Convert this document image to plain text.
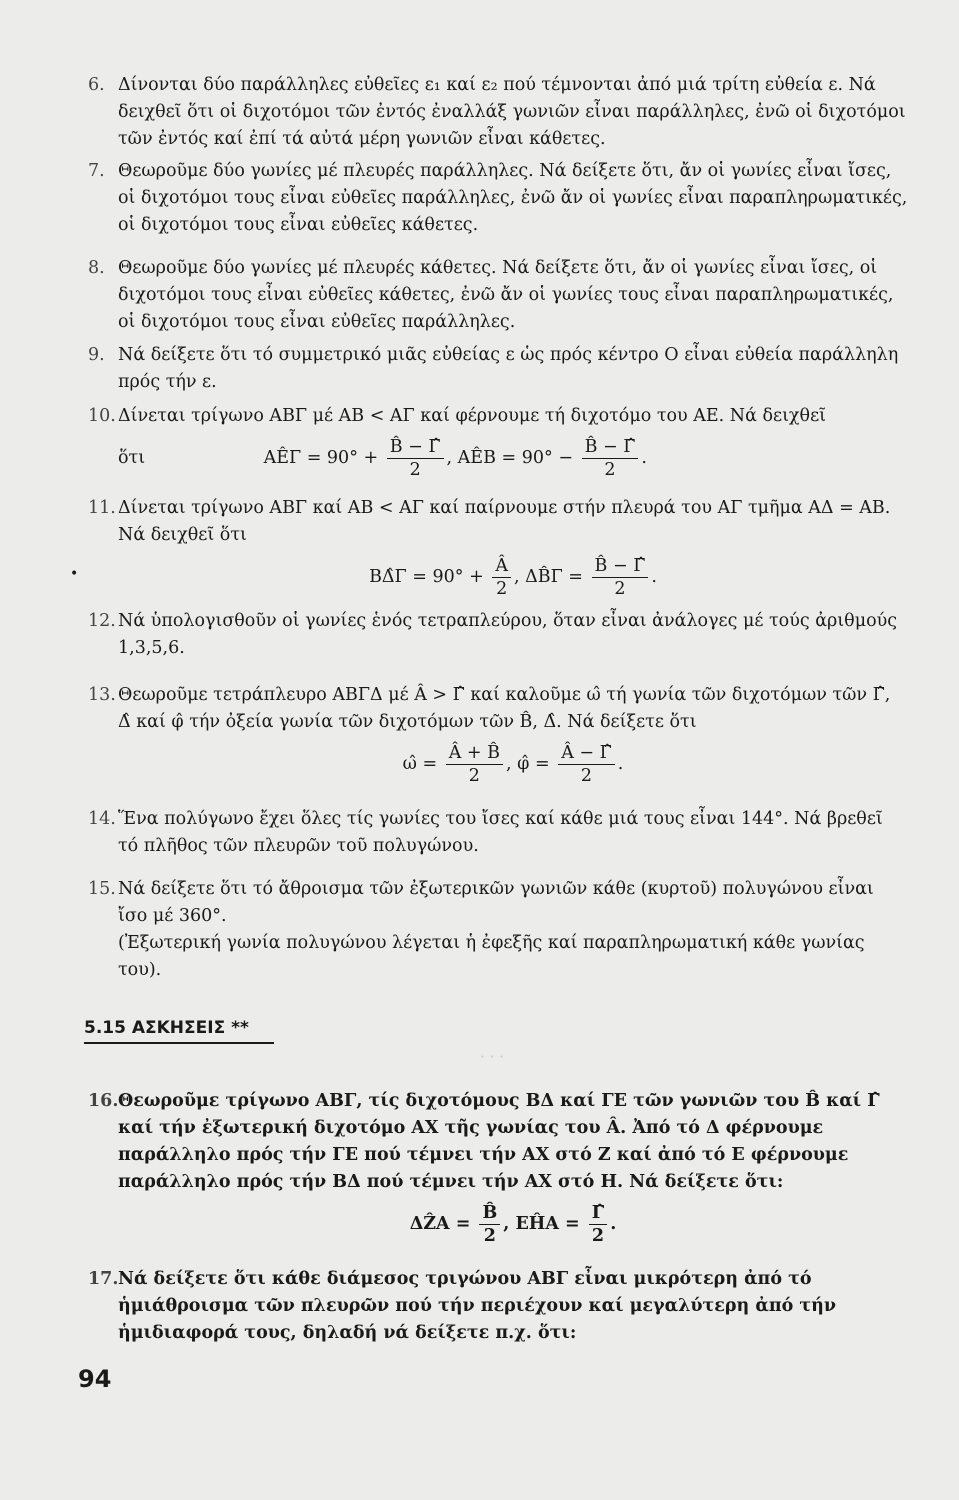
· · ·
6. Δίνονται δύο παράλληλες εὐθεῖες ε₁ καί ε₂ πού τέμνονται ἀπό μιά τρίτη εὐθεία ε. Νά δειχθεῖ ὅτι οἱ διχοτόμοι τῶν ἐντός ἐναλλάξ γωνιῶν εἶναι παράλληλες, ἐνῶ οἱ διχοτόμοι τῶν ἐντός καί ἐπί τά αὐτά μέρη γωνιῶν εἶναι κάθετες.
7. Θεωροῦμε δύο γωνίες μέ πλευρές παράλληλες. Νά δείξετε ὅτι, ἄν οἱ γωνίες εἶναι ἴσες, οἱ διχοτόμοι τους εἶναι εὐθεῖες παράλληλες, ἐνῶ ἄν οἱ γωνίες εἶναι παραπληρωματικές, οἱ διχοτόμοι τους εἶναι εὐθεῖες κάθετες.
8. Θεωροῦμε δύο γωνίες μέ πλευρές κάθετες. Νά δείξετε ὅτι, ἄν οἱ γωνίες εἶναι ἴσες, οἱ διχοτόμοι τους εἶναι εὐθεῖες κάθετες, ἐνῶ ἄν οἱ γωνίες τους εἶναι παραπληρωματικές, οἱ διχοτόμοι τους εἶναι εὐθεῖες παράλληλες.
9. Νά δείξετε ὅτι τό συμμετρικό μιᾶς εὐθείας ε ὡς πρός κέντρο Ο εἶναι εὐθεία παράλληλη πρός τήν ε.
10. Δίνεται τρίγωνο ΑΒΓ μέ ΑΒ < ΑΓ καί φέρνουμε τή διχοτόμο του ΑΕ. Νά δειχθεῖ
ὅτι	ΑÊΓ = $90^\circ + \frac{B̂ - \Gammâ}{2}$ , ΑÊΒ = $90^\circ - \frac{B̂ - \Gammâ}{2}$ .
11. Δίνεται τρίγωνο ΑΒΓ καί ΑΒ < ΑΓ καί παίρνουμε στήν πλευρά του ΑΓ τμῆμα ΑΔ = ΑΒ. Νά δειχθεῖ ὅτι
ΒΔ̂Γ = $90^\circ + \frac{Â}{2}$ , ΔB̂Γ = $\frac{B̂ - \Gammâ}{2}$ .
•
12. Νά ὑπολογισθοῦν οἱ γωνίες ἑνός τετραπλεύρου, ὅταν εἶναι ἀνάλογες μέ τούς ἀριθμούς 1,3,5,6.
13. Θεωροῦμε τετράπλευρο ΑΒΓΔ μέ Â > Γ̂ καί καλοῦμε ω̂ τή γωνία τῶν διχοτόμων τῶν Γ̂, Δ̂ καί φ̂ τήν ὀξεία γωνία τῶν διχοτόμων τῶν B̂, Δ̂. Νά δείξετε ὅτι
ω̂ = $\frac{Â + B̂}{2}$ , φ̂ = $\frac{Â - \Gammâ}{2}$ .
14. Ἕνα πολύγωνο ἔχει ὅλες τίς γωνίες του ἴσες καί κάθε μιά τους εἶναι 144°. Νά βρεθεῖ τό πλῆθος τῶν πλευρῶν τοῦ πολυγώνου.
15. Νά δείξετε ὅτι τό ἄθροισμα τῶν ἐξωτερικῶν γωνιῶν κάθε (κυρτοῦ) πολυγώνου εἶναι ἴσο μέ 360°.
(Ἐξωτερική γωνία πολυγώνου λέγεται ἡ ἐφεξῆς καί παραπληρωματική κάθε γωνίας του).
5.15 ΑΣΚΗΣΕΙΣ **
16. Θεωροῦμε τρίγωνο ΑΒΓ, τίς διχοτόμους ΒΔ καί ΓΕ τῶν γωνιῶν του B̂ καί Γ̂ καί τήν ἐξωτερική διχοτόμο ΑΧ τῆς γωνίας του Â. Ἀπό τό Δ φέρνουμε παράλληλο πρός τήν ΓΕ πού τέμνει τήν ΑΧ στό Ζ καί ἀπό τό Ε φέρνουμε παράλληλο πρός τήν ΒΔ πού τέμνει τήν ΑΧ στό Η. Νά δείξετε ὅτι:
ΔẐΑ = $\frac{B̂}{2}$ , ΕĤΑ = $\frac{\Gammâ}{2}$ .
17. Νά δείξετε ὅτι κάθε διάμεσος τριγώνου ΑΒΓ εἶναι μικρότερη ἀπό τό ἡμιάθροισμα τῶν πλευρῶν πού τήν περιέχουν καί μεγαλύτερη ἀπό τήν ἡμιδιαφορά τους, δηλαδή νά δείξετε π.χ. ὅτι:
94
